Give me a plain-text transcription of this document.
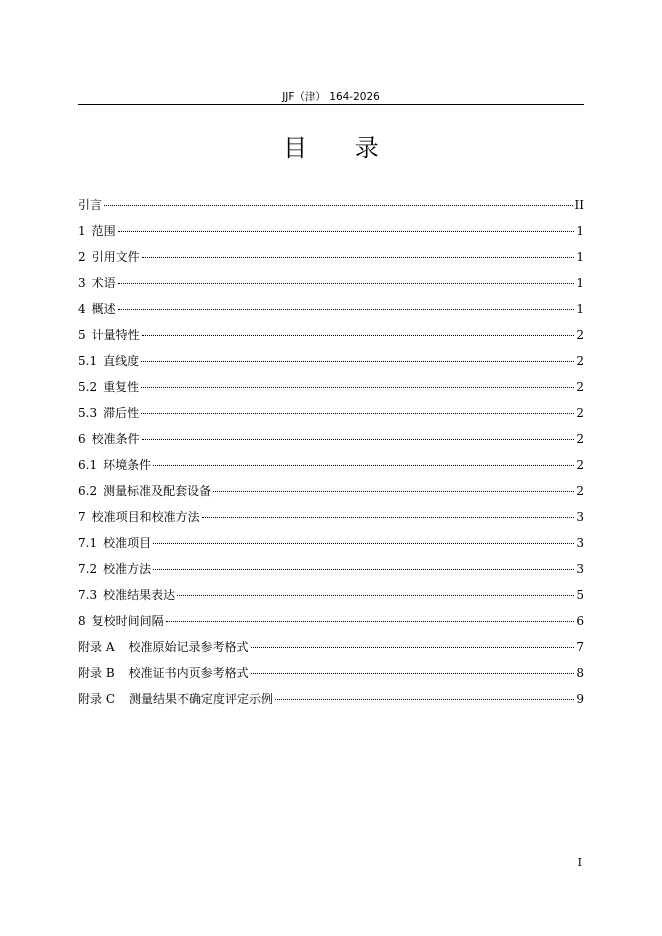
JJF（津） 164-2026
目 录
引言	II
1 范围	1
2 引用文件	1
3 术语	1
4 概述	1
5 计量特性	2
5.1 直线度	2
5.2 重复性	2
5.3 滞后性	2
6 校准条件	2
6.1 环境条件	2
6.2 测量标准及配套设备	2
7 校准项目和校准方法	3
7.1 校准项目	3
7.2 校准方法	3
7.3 校准结果表达	5
8 复校时间间隔	6
附录 A 校准原始记录参考格式	7
附录 B 校准证书内页参考格式	8
附录 C 测量结果不确定度评定示例	9
I
